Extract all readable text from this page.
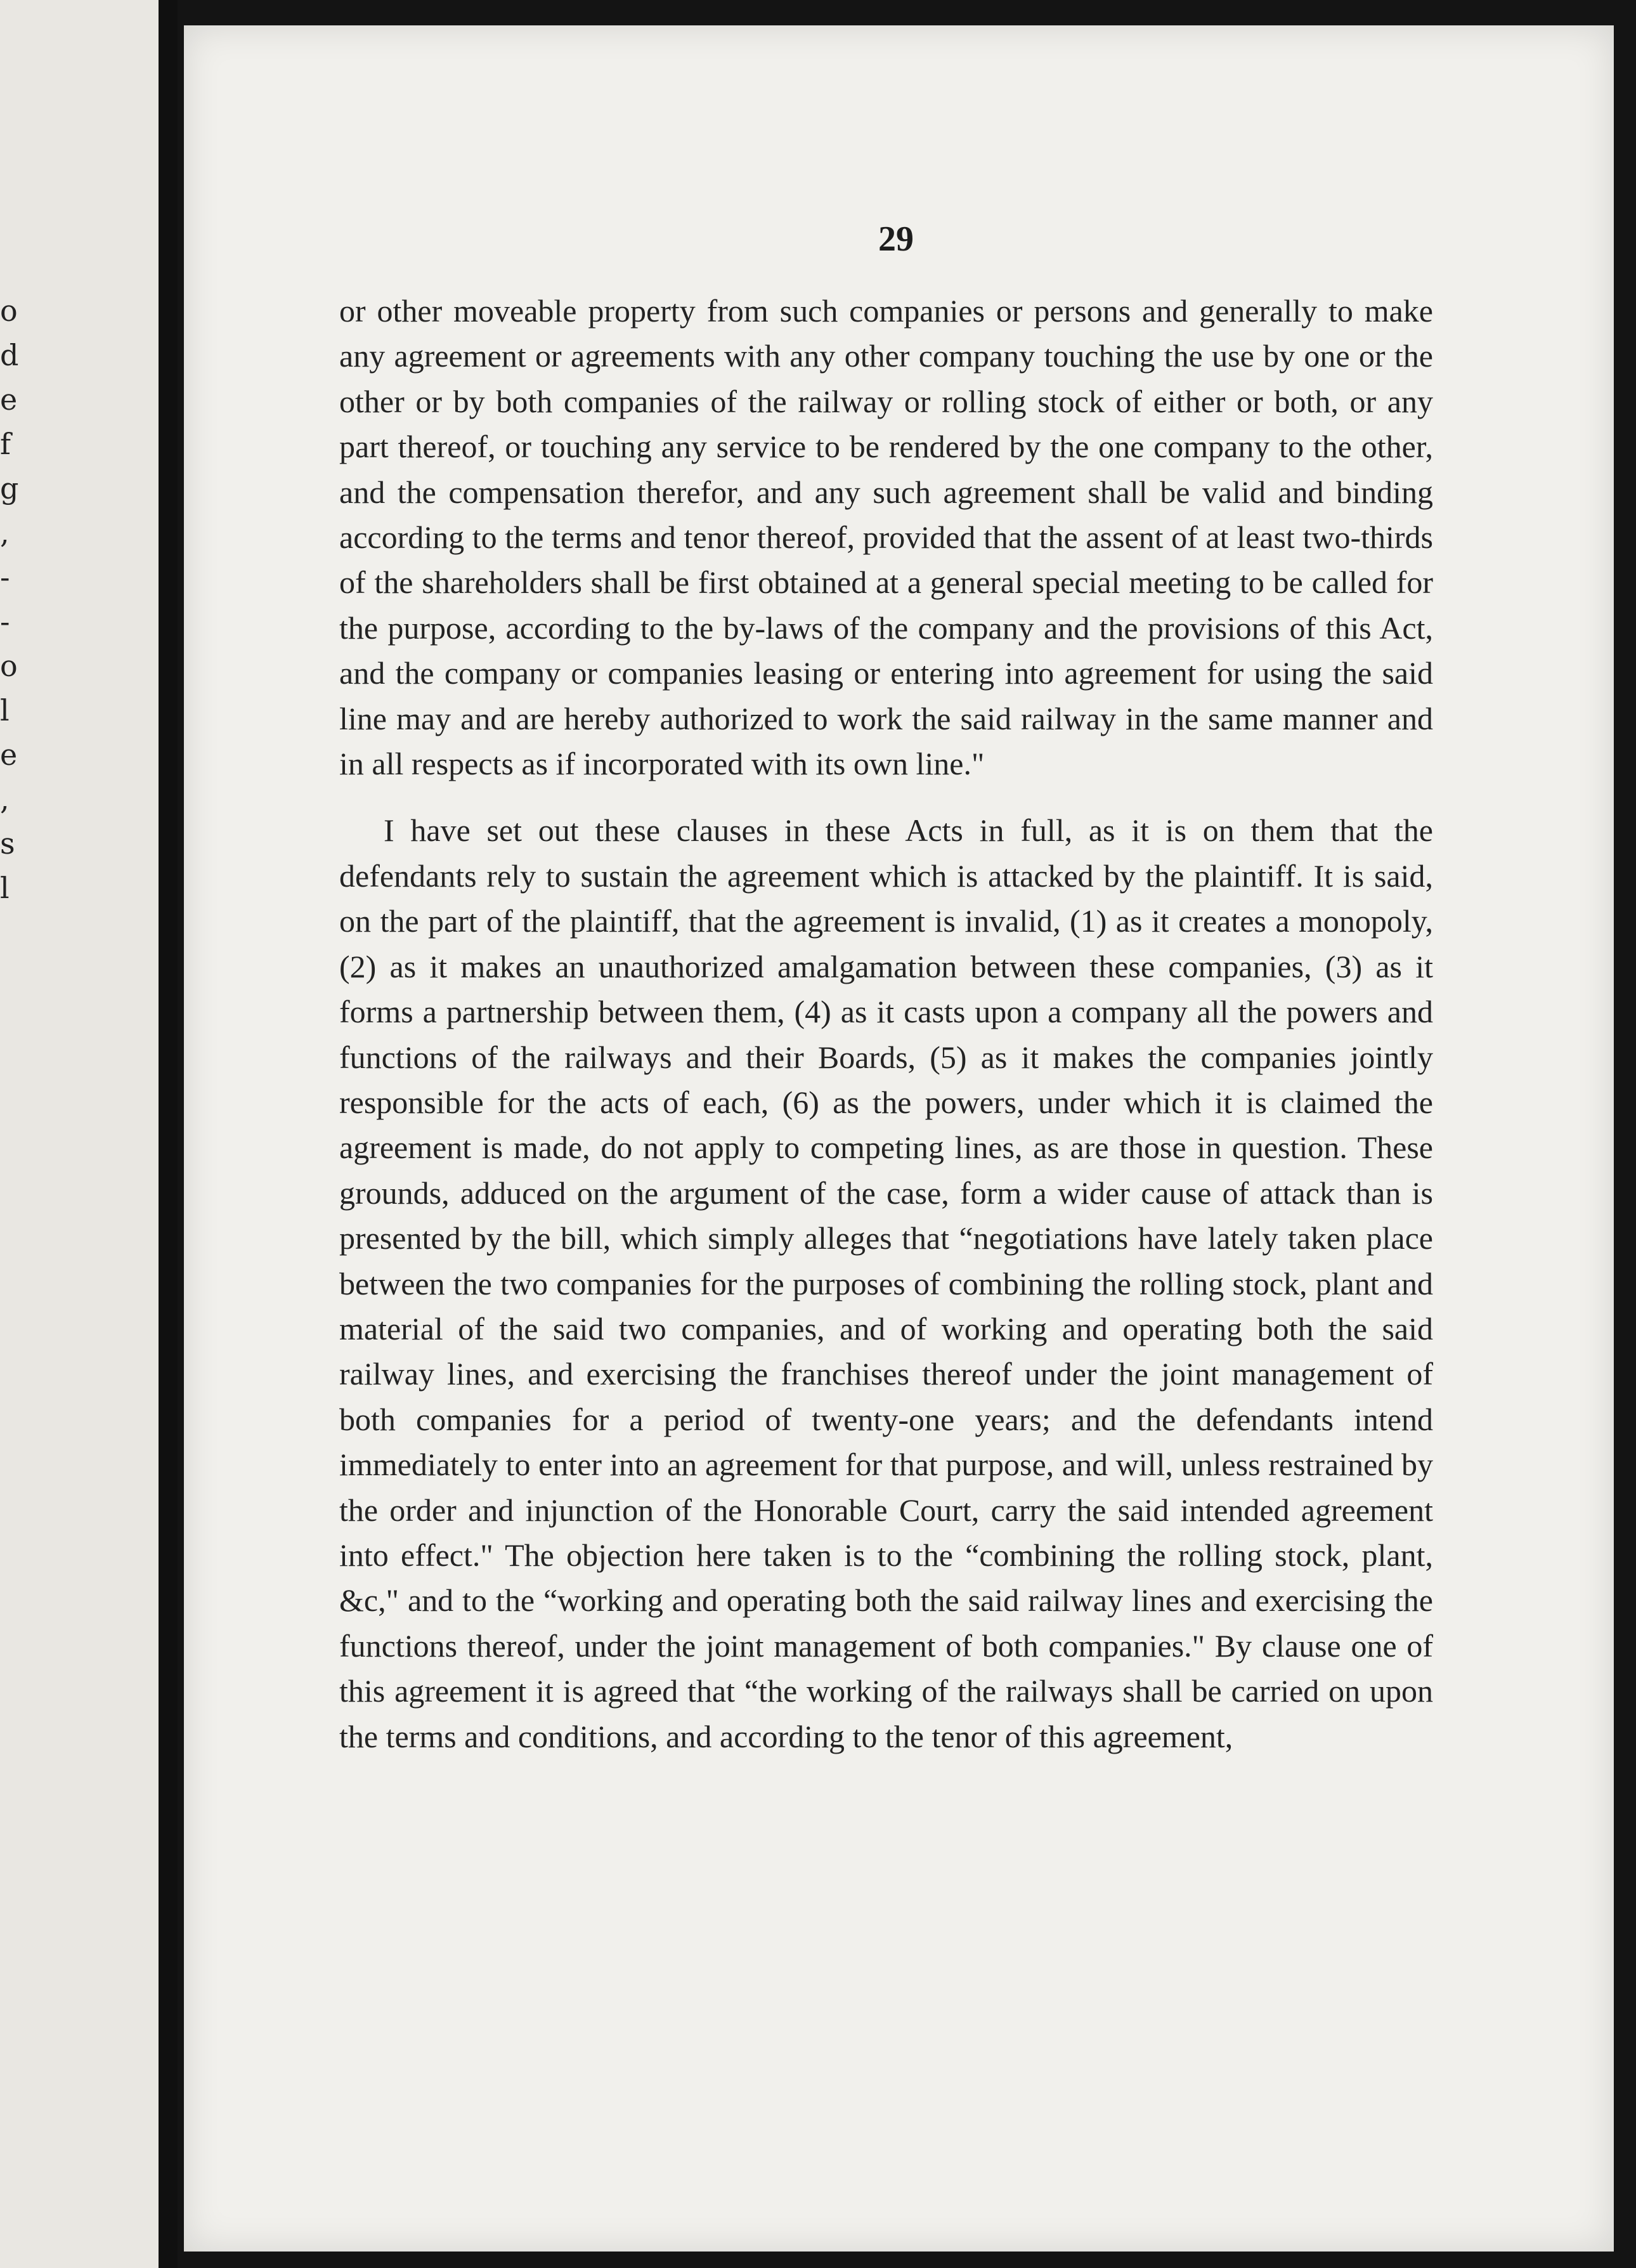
o
d
e
f
g
,
-
-
o
l
e
,
s
l
29

or other moveable property from such companies or persons and generally to make any agreement or agreements with any other company touching the use by one or the other or by both companies of the railway or rolling stock of either or both, or any part thereof, or touching any service to be rendered by the one company to the other, and the compensation therefor, and any such agreement shall be valid and binding according to the terms and tenor thereof, provided that the assent of at least two-thirds of the shareholders shall be first obtained at a general special meeting to be called for the purpose, according to the by-laws of the company and the provisions of this Act, and the company or companies leasing or entering into agreement for using the said line may and are hereby authorized to work the said railway in the same manner and in all respects as if incorporated with its own line."

I have set out these clauses in these Acts in full, as it is on them that the defendants rely to sustain the agreement which is attacked by the plaintiff. It is said, on the part of the plaintiff, that the agreement is invalid, (1) as it creates a monopoly, (2) as it makes an unauthorized amalgamation between these companies, (3) as it forms a partnership between them, (4) as it casts upon a company all the powers and functions of the railways and their Boards, (5) as it makes the companies jointly responsible for the acts of each, (6) as the powers, under which it is claimed the agreement is made, do not apply to competing lines, as are those in question. These grounds, adduced on the argument of the case, form a wider cause of attack than is presented by the bill, which simply alleges that “negotiations have lately taken place between the two companies for the purposes of combining the rolling stock, plant and material of the said two companies, and of working and operating both the said railway lines, and exercising the franchises thereof under the joint management of both companies for a period of twenty-one years; and the defendants intend immediately to enter into an agreement for that purpose, and will, unless restrained by the order and injunction of the Honorable Court, carry the said intended agreement into effect." The objection here taken is to the “combining the rolling stock, plant, &c," and to the “working and operating both the said railway lines and exercising the functions thereof, under the joint management of both companies." By clause one of this agreement it is agreed that “the working of the railways shall be carried on upon the terms and conditions, and according to the tenor of this agreement,
